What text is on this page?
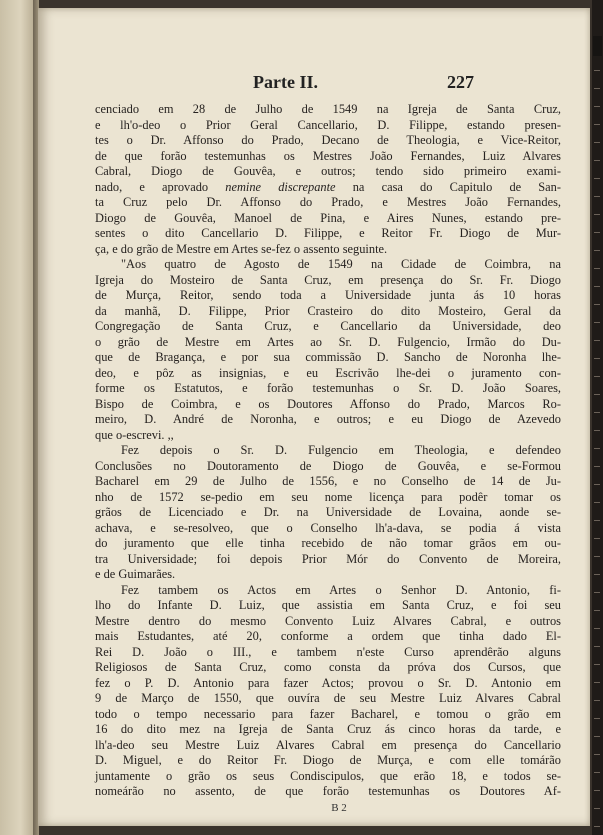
Parte II.	227
cenciado em 28 de Julho de 1549 na Igreja de Santa Cruz,
e lh'o-deo o Prior Geral Cancellario, D. Filippe, estando presen-
tes o Dr. Affonso do Prado, Decano de Theologia, e Vice-Reitor,
de que forão testemunhas os Mestres João Fernandes, Luiz Alvares
Cabral, Diogo de Gouvêa, e outros; tendo sido primeiro exami-
nado, e aprovado nemine discrepante na casa do Capitulo de San-
ta Cruz pelo Dr. Affonso do Prado, e Mestres João Fernandes,
Diogo de Gouvêa, Manoel de Pina, e Aires Nunes, estando pre-
sentes o dito Cancellario D. Filippe, e Reitor Fr. Diogo de Mur-
ça, e do grão de Mestre em Artes se-fez o assento seguinte.
"Aos quatro de Agosto de 1549 na Cidade de Coimbra, na
Igreja do Mosteiro de Santa Cruz, em presença do Sr. Fr. Diogo
de Murça, Reitor, sendo toda a Universidade junta ás 10 horas
da manhã, D. Filippe, Prior Crasteiro do dito Mosteiro, Geral da
Congregação de Santa Cruz, e Cancellario da Universidade, deo
o grão de Mestre em Artes ao Sr. D. Fulgencio, Irmão do Du-
que de Bragança, e por sua commissão D. Sancho de Noronha lhe-
deo, e pôz as insignias, e eu Escrivão lhe-dei o juramento con-
forme os Estatutos, e forão testemunhas o Sr. D. João Soares,
Bispo de Coimbra, e os Doutores Affonso do Prado, Marcos Ro-
meiro, D. André de Noronha, e outros; e eu Diogo de Azevedo
que o-escrevi. ,,
Fez depois o Sr. D. Fulgencio em Theologia, e defendeo
Conclusões no Doutoramento de Diogo de Gouvêa, e se-Formou
Bacharel em 29 de Julho de 1556, e no Conselho de 14 de Ju-
nho de 1572 se-pedio em seu nome licença para podêr tomar os
grãos de Licenciado e Dr. na Universidade de Lovaina, aonde se-
achava, e se-resolveo, que o Conselho lh'a-dava, se podia á vista
do juramento que elle tinha recebido de não tomar grãos em ou-
tra Universidade; foi depois Prior Mór do Convento de Moreira,
e de Guimarães.
Fez tambem os Actos em Artes o Senhor D. Antonio, fi-
lho do Infante D. Luiz, que assistia em Santa Cruz, e foi seu
Mestre dentro do mesmo Convento Luiz Alvares Cabral, e outros
mais Estudantes, até 20, conforme a ordem que tinha dado El-
Rei D. João o III., e tambem n'este Curso aprendêrão alguns
Religiosos de Santa Cruz, como consta da próva dos Cursos, que
fez o P. D. Antonio para fazer Actos; provou o Sr. D. Antonio em
9 de Março de 1550, que ouvíra de seu Mestre Luiz Alvares Cabral
todo o tempo necessario para fazer Bacharel, e tomou o grão em
16 do dito mez na Igreja de Santa Cruz ás cinco horas da tarde, e
lh'a-deo seu Mestre Luiz Alvares Cabral em presença do Cancellario
D. Miguel, e do Reitor Fr. Diogo de Murça, e com elle tomárão
juntamente o grão os seus Condiscipulos, que erão 18, e todos se-
nomeárão no assento, de que forão testemunhas os Doutores Af-
B 2
